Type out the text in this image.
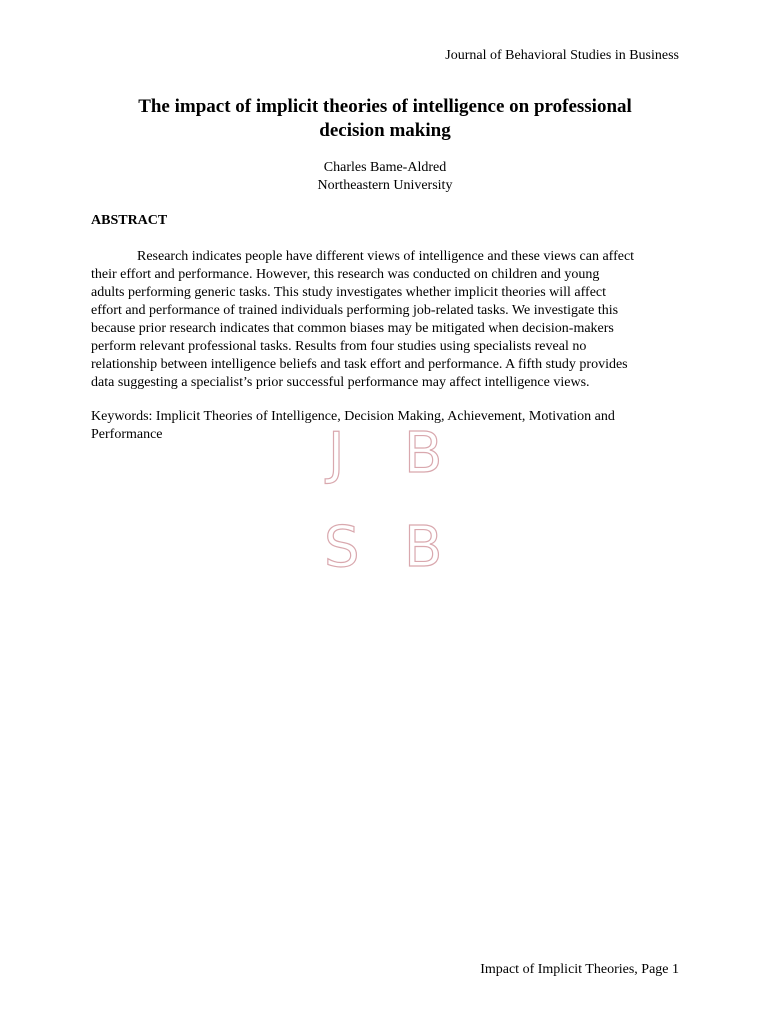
Journal of Behavioral Studies in Business
The impact of implicit theories of intelligence on professional
decision making
Charles Bame-Aldred
Northeastern University
ABSTRACT
Research indicates people have different views of intelligence and these views can affect
their effort and performance. However, this research was conducted on children and young
adults performing generic tasks. This study investigates whether implicit theories will affect
effort and performance of trained individuals performing job-related tasks. We investigate this
because prior research indicates that common biases may be mitigated when decision-makers
perform relevant professional tasks. Results from four studies using specialists reveal no
relationship between intelligence beliefs and task effort and performance. A fifth study provides
data suggesting a specialist’s prior successful performance may affect intelligence views.
Keywords: Implicit Theories of Intelligence, Decision Making, Achievement, Motivation and
Performance	J B
S B
Impact of Implicit Theories, Page 1
